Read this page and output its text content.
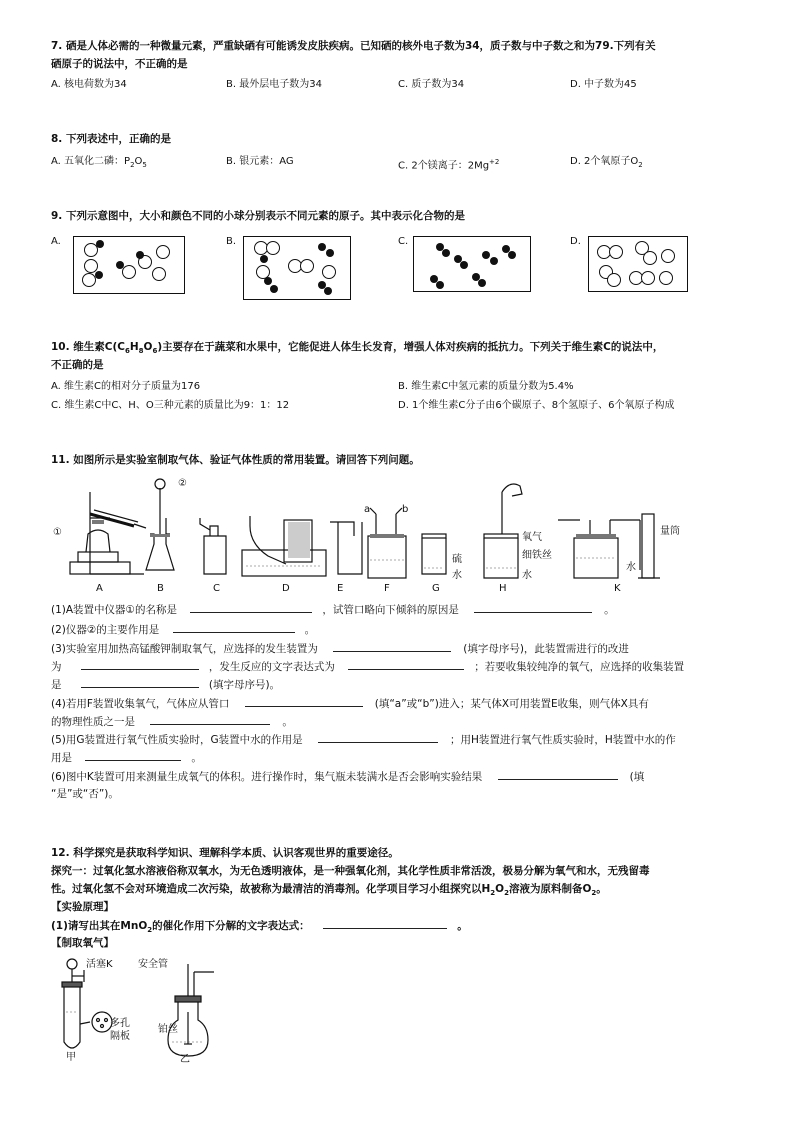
7. 硒是人体必需的一种微量元素，严重缺硒有可能诱发皮肤疾病。已知硒的核外电子数为34，质子数与中子数之和为79.下列有关
硒原子的说法中，不正确的是
A. 核电荷数为34	B. 最外层电子数为34	C. 质子数为34	D. 中子数为45
8. 下列表述中，正确的是
A. 五氧化二磷：$P_2O_5$	B. 银元素：AG	C. 2个镁离子：$2Mg^{+2}$	D. 2个氧原子$O_2$
9. 下列示意图中，大小和颜色不同的小球分别表示不同元素的原子。其中表示化合物的是
A.	B.	C.	D.
10. 维生素$C(C_6H_8O_6)$主要存在于蔬菜和水果中，它能促进人体生长发育，增强人体对疾病的抵抗力。下列关于维生素C的说法中，
不正确的是
A. 维生素C的相对分子质量为176	B. 维生素C中氢元素的质量分数为5.4%
C. 维生素C中C、H、O三种元素的质量比为9：1：12	D. 1个维生素C分子由6个碳原子、8个氢原子、6个氧原子构成
11. 如图所示是实验室制取气体、验证气体性质的常用装置。请回答下列问题。
①
②
a	b
硫
水
氧气
细铁丝
水
水
量筒
A	B	C	D	E	F	G	H	K
(1)A装置中仪器①的名称是	，试管口略向下倾斜的原因是	。
(2)仪器②的主要作用是	。
(3)实验室用加热高锰酸钾制取氧气，应选择的发生装置为	(填字母序号)，此装置需进行的改进
为	，发生反应的文字表达式为	；若要收集较纯净的氧气，应选择的收集装置
是	(填字母序号)。
(4)若用F装置收集氧气，气体应从管口	(填“a”或“b”)进入；某气体X可用装置E收集，则气体X具有
的物理性质之一是	。
(5)用G装置进行氧气性质实验时，G装置中水的作用是	；用H装置进行氧气性质实验时，H装置中水的作
用是	。
(6)图中K装置可用来测量生成氧气的体积。进行操作时，集气瓶未装满水是否会影响实验结果	(填
“是”或“否”)。
12. 科学探究是获取科学知识、理解科学本质、认识客观世界的重要途径。
探究一：过氧化氢水溶液俗称双氧水，为无色透明液体，是一种强氧化剂，其化学性质非常活泼，极易分解为氧气和水，无残留毒
性。过氧化氢不会对环境造成二次污染，故被称为最清洁的消毒剂。化学项目学习小组探究以$H_2O_2$溶液为原料制备$O_2$。
【实验原理】
(1)请写出其在MnO$_2$的催化作用下分解的文字表达式：	。
【制取氧气】
活塞K
多孔
隔板
甲
安全管
铂丝
乙
